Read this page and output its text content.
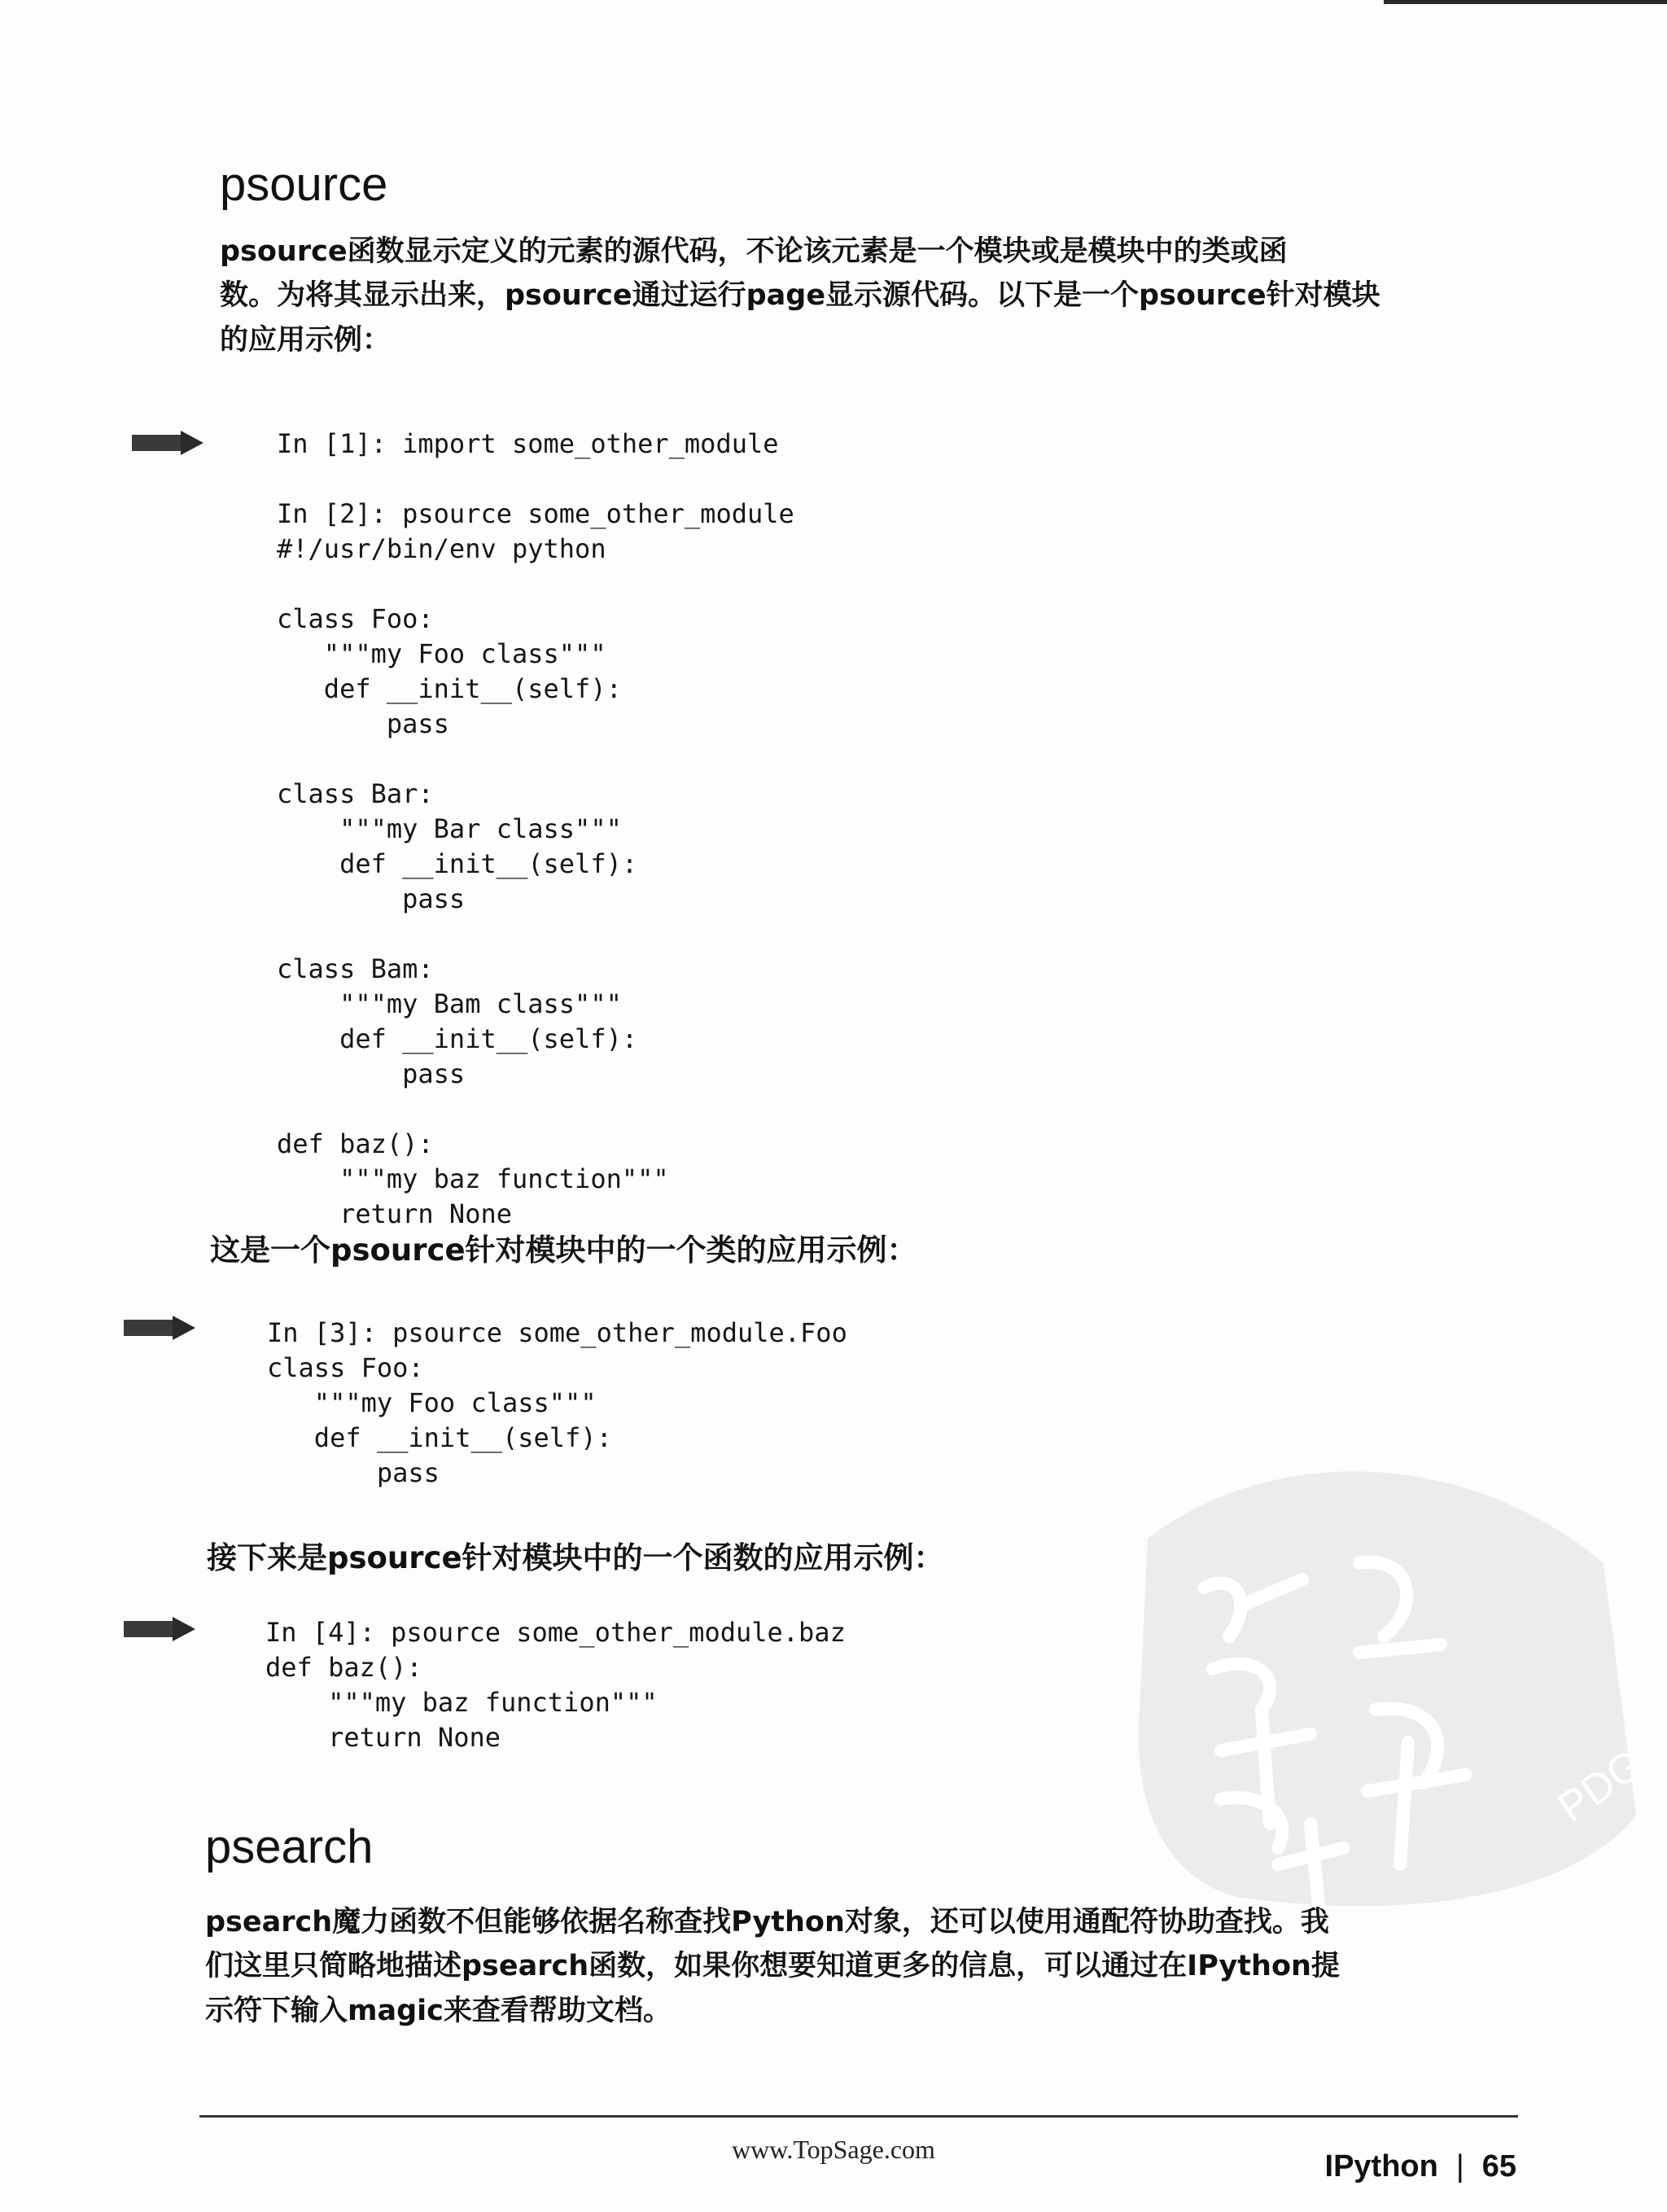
psource
psource函数显示定义的元素的源代码，不论该元素是一个模块或是模块中的类或函
数。为将其显示出来，psource通过运行page显示源代码。以下是一个psource针对模块
的应用示例：
In [1]: import some_other_module

In [2]: psource some_other_module
#!/usr/bin/env python

class Foo:
"""my Foo class"""
def __init__(self):
pass

class Bar:
"""my Bar class"""
def __init__(self):
pass

class Bam:
"""my Bam class"""
def __init__(self):
pass

def baz():
"""my baz function"""
return None

这是一个psource针对模块中的一个类的应用示例：

In [3]: psource some_other_module.Foo
class Foo:
"""my Foo class"""
def __init__(self):
pass

接下来是psource针对模块中的一个函数的应用示例：

In [4]: psource some_other_module.baz
def baz():
"""my baz function"""
return None
PDG
psearch
psearch魔力函数不但能够依据名称查找Python对象，还可以使用通配符协助查找。我
们这里只简略地描述psearch函数，如果你想要知道更多的信息，可以通过在IPython提
示符下输入magic来查看帮助文档。
www.TopSage.com	IPython | 65
